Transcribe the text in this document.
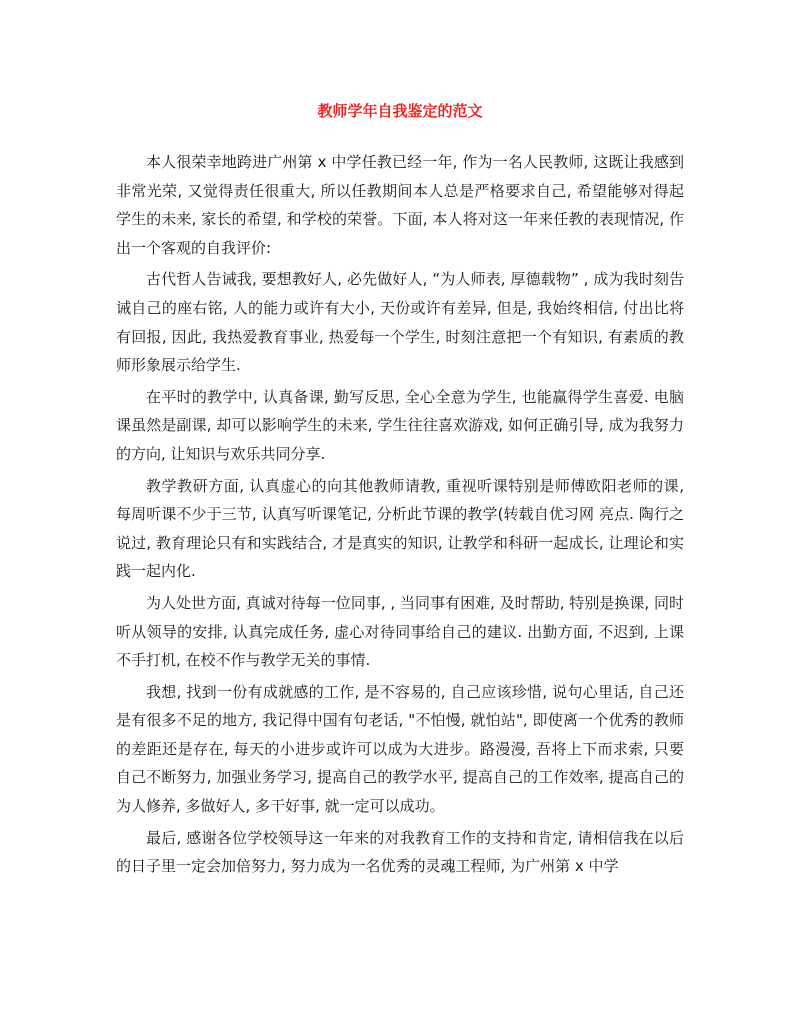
教师学年自我鉴定的范文

本人很荣幸地跨进广州第 x 中学任教已经一年, 作为一名人民教师, 这既让我感到非常光荣, 又觉得责任很重大, 所以任教期间本人总是严格要求自己, 希望能够对得起学生的未来, 家长的希望, 和学校的荣誉。下面, 本人将对这一年来任教的表现情况, 作出一个客观的自我评价:

古代哲人告诫我, 要想教好人, 必先做好人, “为人师表, 厚德载物” , 成为我时刻告诫自己的座右铭, 人的能力或许有大小, 天份或许有差异, 但是, 我始终相信, 付出比将有回报, 因此, 我热爱教育事业, 热爱每一个学生, 时刻注意把一个有知识, 有素质的教师形象展示给学生.

在平时的教学中, 认真备课, 勤写反思, 全心全意为学生, 也能赢得学生喜爱. 电脑课虽然是副课, 却可以影响学生的未来, 学生往往喜欢游戏, 如何正确引导, 成为我努力的方向, 让知识与欢乐共同分享.

教学教研方面, 认真虚心的向其他教师请教, 重视听课特别是师傅欧阳老师的课, 每周听课不少于三节, 认真写听课笔记, 分析此节课的教学(转载自优习网 亮点. 陶行之说过, 教育理论只有和实践结合, 才是真实的知识, 让教学和科研一起成长, 让理论和实践一起内化.

为人处世方面, 真诚对待每一位同事, , 当同事有困难, 及时帮助, 特别是换课, 同时听从领导的安排, 认真完成任务, 虚心对待同事给自己的建议. 出勤方面, 不迟到, 上课不手打机, 在校不作与教学无关的事情.

我想, 找到一份有成就感的工作, 是不容易的, 自己应该珍惜, 说句心里话, 自己还是有很多不足的地方, 我记得中国有句老话, "不怕慢, 就怕站", 即使离一个优秀的教师的差距还是存在, 每天的小进步或许可以成为大进步。路漫漫, 吾将上下而求索, 只要自己不断努力, 加强业务学习, 提高自己的教学水平, 提高自己的工作效率, 提高自己的为人修养, 多做好人, 多干好事, 就一定可以成功。

最后, 感谢各位学校领导这一年来的对我教育工作的支持和肯定, 请相信我在以后的日子里一定会加倍努力, 努力成为一名优秀的灵魂工程师, 为广州第 x 中学
